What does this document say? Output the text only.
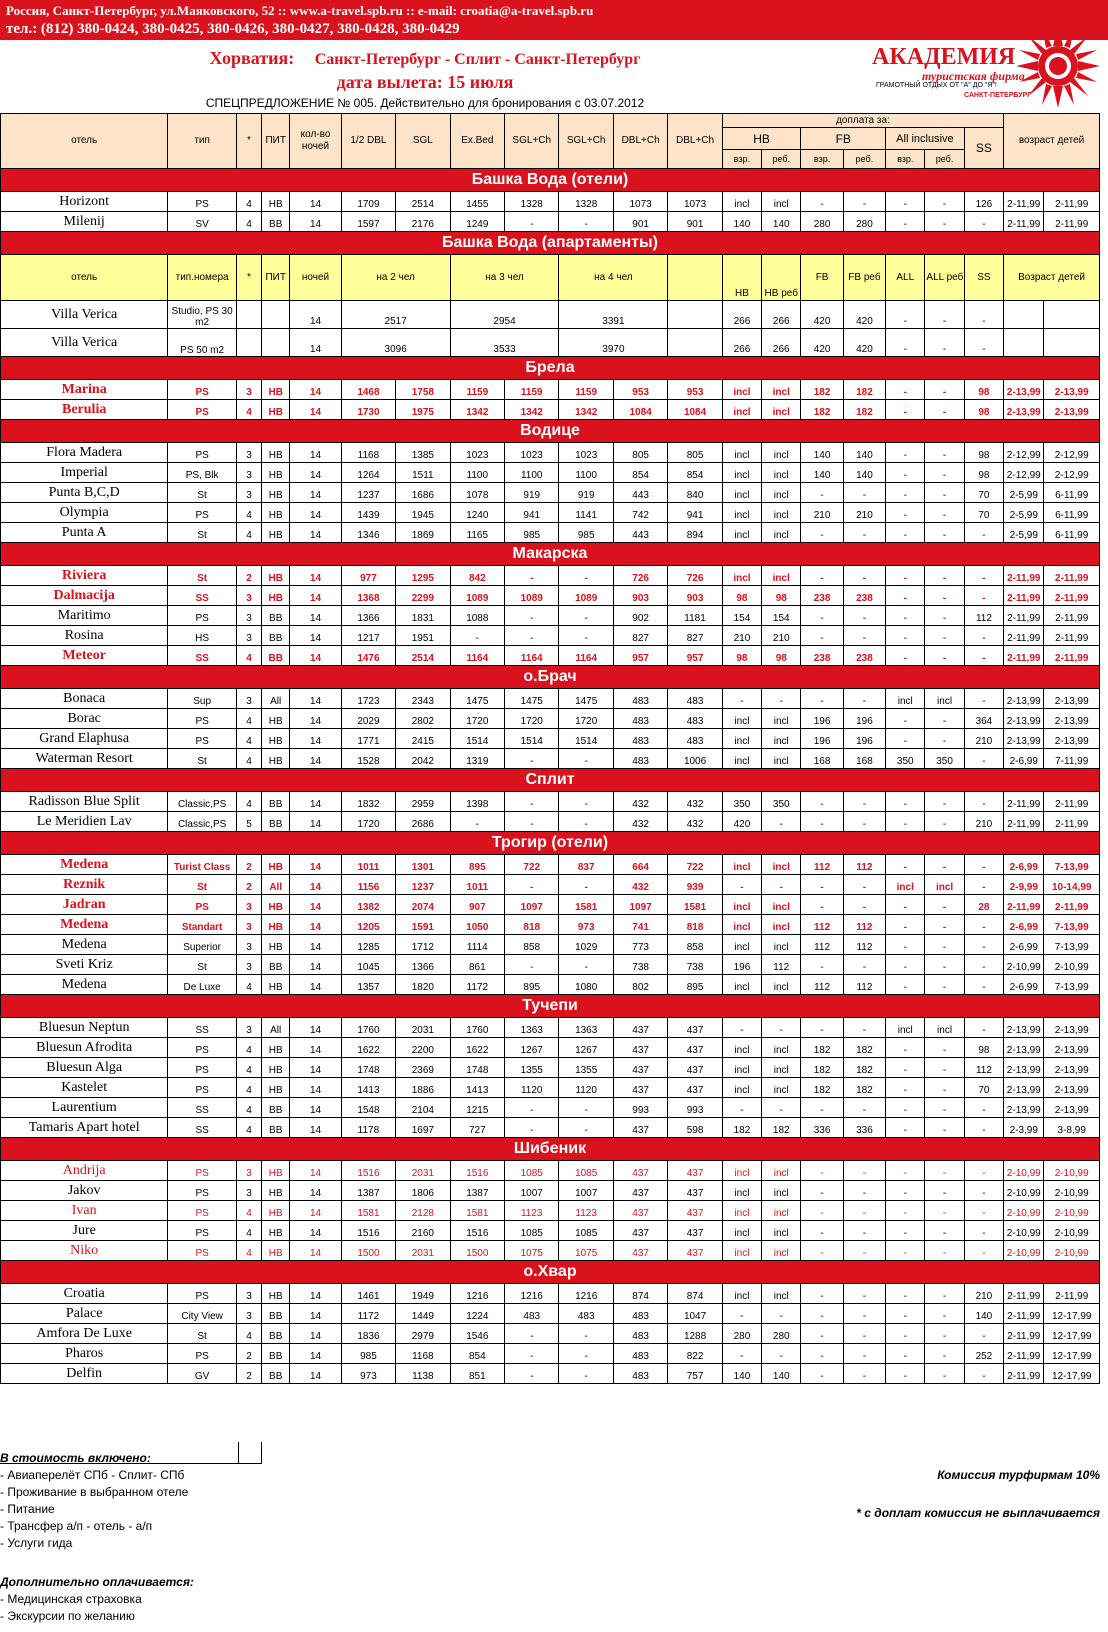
Россия, Санкт-Петербург, ул.Маяковского, 52 :: www.a-travel.spb.ru :: e-mail: croatia@a-travel.spb.ru
тел.: (812) 380-0424, 380-0425, 380-0426, 380-0427, 380-0428, 380-0429
Хорватия: Санкт-Петербург - Сплит - Санкт-Петербург
дата вылета: 15 июля
СПЕЦПРЕДЛОЖЕНИЕ № 005. Действительно для бронирования с 03.07.2012
АКАДЕМИЯ
туристская фирма
ГРАМОТНЫЙ ОТДЫХ ОТ "А" ДО "Я"!
САНКТ-ПЕТЕРБУРГ
отель	тип	*	ПИТ	кол-во ночей	1/2 DBL	SGL	Ex.Bed	SGL+Ch	SGL+Ch	DBL+Ch	DBL+Ch	доплата за:							возраст детей	
												HB		FB		All inclusive		SS		
												взр.	реб.	взр.	реб.	взр.	реб.			
Башка Вода (отели)																				
Horizont	PS	4	HB	14	1709	2514	1455	1328	1328	1073	1073	incl	incl	-	-	-	-	126	2-11,99	2-11,99
Milenij	SV	4	BB	14	1597	2176	1249	-	-	901	901	140	140	280	280	-	-	-	2-11,99	2-11,99
Башка Вода (апартаменты)																				
отель	тип.номера	*	ПИТ	ночей	на 2 чел		на 3 чел		на 4 чел			HB	HB реб	FB	FB реб	ALL	ALL реб	SS	Возраст детей	
Villa Verica	Studio, PS 30 m2			14	2517		2954		3391			266	266	420	420	-	-	-		
Villa Verica	PS 50 m2			14	3096		3533		3970			266	266	420	420	-	-	-		
Брела																				
Marina	PS	3	HB	14	1468	1758	1159	1159	1159	953	953	incl	incl	182	182	-	-	98	2-13,99	2-13,99
Berulia	PS	4	HB	14	1730	1975	1342	1342	1342	1084	1084	incl	incl	182	182	-	-	98	2-13,99	2-13,99
Водице																				
Flora Madera	PS	3	HB	14	1168	1385	1023	1023	1023	805	805	incl	incl	140	140	-	-	98	2-12,99	2-12,99
Imperial	PS, Blk	3	HB	14	1264	1511	1100	1100	1100	854	854	incl	incl	140	140	-	-	98	2-12,99	2-12,99
Punta B,C,D	St	3	HB	14	1237	1686	1078	919	919	443	840	incl	incl	-	-	-	-	70	2-5,99	6-11,99
Olympia	PS	4	HB	14	1439	1945	1240	941	1141	742	941	incl	incl	210	210	-	-	70	2-5,99	6-11,99
Punta A	St	4	HB	14	1346	1869	1165	985	985	443	894	incl	incl	-	-	-	-	-	2-5,99	6-11,99
Макарска																				
Riviera	St	2	HB	14	977	1295	842	-	-	726	726	incl	incl	-	-	-	-	-	2-11,99	2-11,99
Dalmacija	SS	3	HB	14	1368	2299	1089	1089	1089	903	903	98	98	238	238	-	-	-	2-11,99	2-11,99
Maritimo	PS	3	BB	14	1366	1831	1088	-	-	902	1181	154	154	-	-	-	-	112	2-11,99	2-11,99
Rosina	HS	3	BB	14	1217	1951	-	-	-	827	827	210	210	-	-	-	-	-	2-11,99	2-11,99
Meteor	SS	4	BB	14	1476	2514	1164	1164	1164	957	957	98	98	238	238	-	-	-	2-11,99	2-11,99
о.Брач																				
Bonaca	Sup	3	All	14	1723	2343	1475	1475	1475	483	483	-	-	-	-	incl	incl	-	2-13,99	2-13,99
Borac	PS	4	HB	14	2029	2802	1720	1720	1720	483	483	incl	incl	196	196	-	-	364	2-13,99	2-13,99
Grand Elaphusa	PS	4	HB	14	1771	2415	1514	1514	1514	483	483	incl	incl	196	196	-	-	210	2-13,99	2-13,99
Waterman Resort	St	4	HB	14	1528	2042	1319	-	-	483	1006	incl	incl	168	168	350	350	-	2-6,99	7-11,99
Сплит																				
Radisson Blue Split	Classic,PS	4	BB	14	1832	2959	1398	-	-	432	432	350	350	-	-	-	-	-	2-11,99	2-11,99
Le Meridien Lav	Classic,PS	5	BB	14	1720	2686	-	-	-	432	432	420	-	-	-	-	-	210	2-11,99	2-11,99
Трогир (отели)																				
Medena	Turist Class	2	HB	14	1011	1301	895	722	837	664	722	incl	incl	112	112	-	-	-	2-6,99	7-13,99
Reznik	St	2	All	14	1156	1237	1011	-	-	432	939	-	-	-	-	incl	incl	-	2-9,99	10-14,99
Jadran	PS	3	HB	14	1382	2074	907	1097	1581	1097	1581	incl	incl	-	-	-	-	28	2-11,99	2-11,99
Medena	Standart	3	HB	14	1205	1591	1050	818	973	741	818	incl	incl	112	112	-	-	-	2-6,99	7-13,99
Medena	Superior	3	HB	14	1285	1712	1114	858	1029	773	858	incl	incl	112	112	-	-	-	2-6,99	7-13,99
Sveti Kriz	St	3	BB	14	1045	1366	861	-	-	738	738	196	112	-	-	-	-	-	2-10,99	2-10,99
Medena	De Luxe	4	HB	14	1357	1820	1172	895	1080	802	895	incl	incl	112	112	-	-	-	2-6,99	7-13,99
Тучепи																				
Bluesun Neptun	SS	3	All	14	1760	2031	1760	1363	1363	437	437	-	-	-	-	incl	incl	-	2-13,99	2-13,99
Bluesun Afrodita	PS	4	HB	14	1622	2200	1622	1267	1267	437	437	incl	incl	182	182	-	-	98	2-13,99	2-13,99
Bluesun Alga	PS	4	HB	14	1748	2369	1748	1355	1355	437	437	incl	incl	182	182	-	-	112	2-13,99	2-13,99
Kastelet	PS	4	HB	14	1413	1886	1413	1120	1120	437	437	incl	incl	182	182	-	-	70	2-13,99	2-13,99
Laurentium	SS	4	BB	14	1548	2104	1215	-	-	993	993	-	-	-	-	-	-	-	2-13,99	2-13,99
Tamaris Apart hotel	SS	4	BB	14	1178	1697	727	-	-	437	598	182	182	336	336	-	-	-	2-3,99	3-8,99
Шибеник																				
Andrija	PS	3	HB	14	1516	2031	1516	1085	1085	437	437	incl	incl	-	-	-	-	-	2-10,99	2-10,99
Jakov	PS	3	HB	14	1387	1806	1387	1007	1007	437	437	incl	incl	-	-	-	-	-	2-10,99	2-10,99
Ivan	PS	4	HB	14	1581	2128	1581	1123	1123	437	437	incl	incl	-	-	-	-	-	2-10,99	2-10,99
Jure	PS	4	HB	14	1516	2160	1516	1085	1085	437	437	incl	incl	-	-	-	-	-	2-10,99	2-10,99
Niko	PS	4	HB	14	1500	2031	1500	1075	1075	437	437	incl	incl	-	-	-	-	-	2-10,99	2-10,99
о.Хвар																				
Croatia	PS	3	HB	14	1461	1949	1216	1216	1216	874	874	incl	incl	-	-	-	-	210	2-11,99	2-11,99
Palace	City View	3	BB	14	1172	1449	1224	483	483	483	1047	-	-	-	-	-	-	140	2-11,99	12-17,99
Amfora De Luxe	St	4	BB	14	1836	2979	1546	-	-	483	1288	280	280	-	-	-	-	-	2-11,99	12-17,99
Pharos	PS	2	BB	14	985	1168	854	-	-	483	822	-	-	-	-	-	-	252	2-11,99	12-17,99
Delfin	GV	2	BB	14	973	1138	851	-	-	483	757	140	140	-	-	-	-	-	2-11,99	12-17,99
В стоимость включено:
- Авиаперелёт СПб - Сплит- СПб
- Проживание в выбранном отеле
- Питание
- Трансфер а/п - отель - а/п
- Услуги гида
Дополнительно оплачивается:
- Медицинская страховка
- Экскурсии по желанию
Комиссия турфирмам 10%
* с доплат комиссия не выплачивается
